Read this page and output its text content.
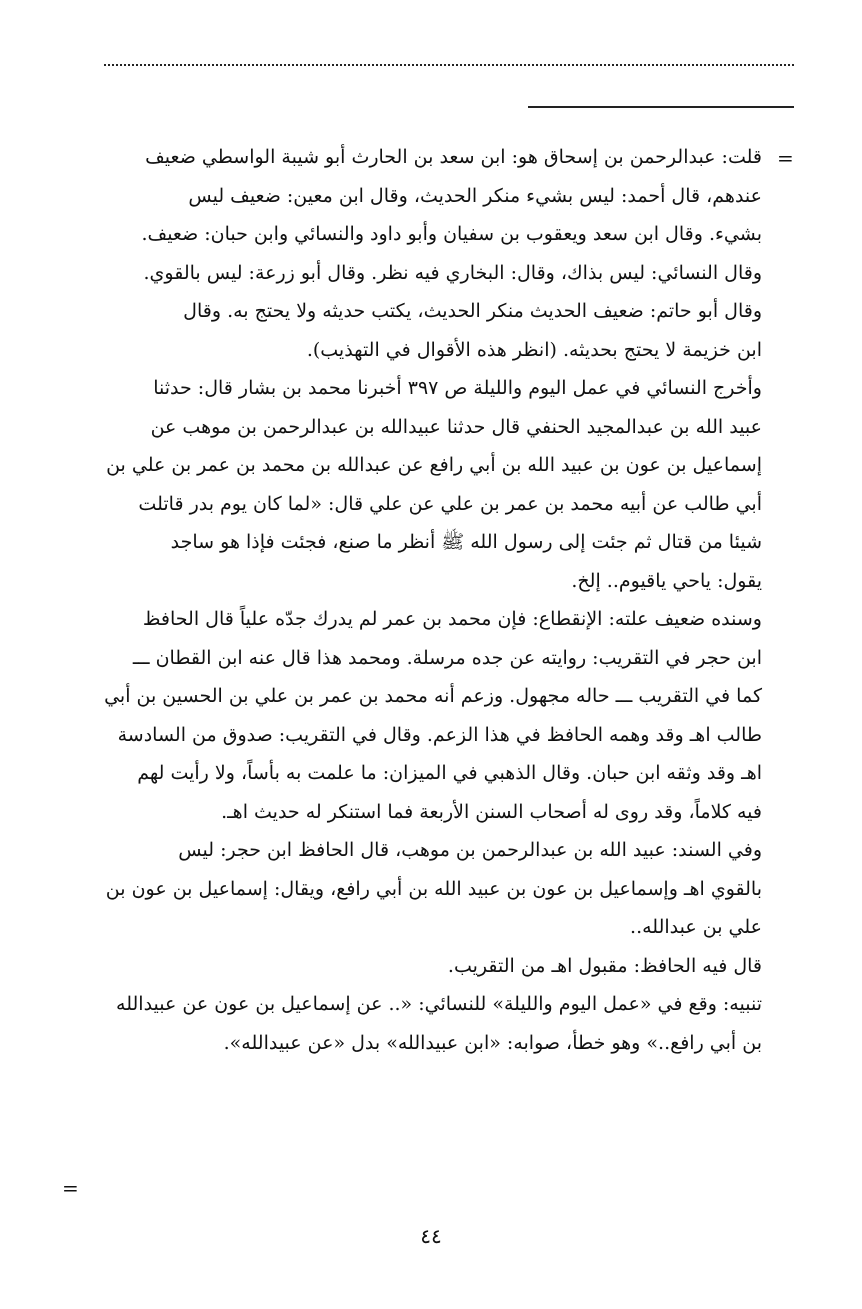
=
قلت: عبدالرحمن بن إسحاق هو: ابن سعد بن الحارث أبو شيبة الواسطي ضعيف
عندهم، قال أحمد: ليس بشيء منكر الحديث، وقال ابن معين: ضعيف ليس
بشيء. وقال ابن سعد ويعقوب بن سفيان وأبو داود والنسائي وابن حبان: ضعيف.
وقال النسائي: ليس بذاك، وقال: البخاري فيه نظر. وقال أبو زرعة: ليس بالقوي.
وقال أبو حاتم: ضعيف الحديث منكر الحديث، يكتب حديثه ولا يحتج به. وقال
ابن خزيمة لا يحتج بحديثه. (انظر هذه الأقوال في التهذيب).
وأخرج النسائي في عمل اليوم والليلة ص ٣٩٧ أخبرنا محمد بن بشار قال: حدثنا
عبيد الله بن عبدالمجيد الحنفي قال حدثنا عبيدالله بن عبدالرحمن بن موهب عن
إسماعيل بن عون بن عبيد الله بن أبي رافع عن عبدالله بن محمد بن عمر بن علي بن
أبي طالب عن أبيه محمد بن عمر بن علي عن علي قال: «لما كان يوم بدر قاتلت
شيئا من قتال ثم جئت إلى رسول الله ﷺ أنظر ما صنع، فجئت فإذا هو ساجد
يقول: ياحي ياقيوم.. إلخ.
وسنده ضعيف علته: الإنقطاع: فإن محمد بن عمر لم يدرك جدّه علياً قال الحافظ
ابن حجر في التقريب: روايته عن جده مرسلة. ومحمد هذا قال عنه ابن القطان ـــ
كما في التقريب ـــ حاله مجهول. وزعم أنه محمد بن عمر بن علي بن الحسين بن أبي
طالب اهـ وقد وهمه الحافظ في هذا الزعم. وقال في التقريب: صدوق من السادسة
اهـ وقد وثقه ابن حبان. وقال الذهبي في الميزان: ما علمت به بأساً، ولا رأيت لهم
فيه كلاماً، وقد روى له أصحاب السنن الأربعة فما استنكر له حديث اهـ.
وفي السند: عبيد الله بن عبدالرحمن بن موهب، قال الحافظ ابن حجر: ليس
بالقوي اهـ وإسماعيل بن عون بن عبيد الله بن أبي رافع، ويقال: إسماعيل بن عون بن
علي بن عبدالله..
قال فيه الحافظ: مقبول اهـ من التقريب.
تنبيه: وقع في «عمل اليوم والليلة» للنسائي: «.. عن إسماعيل بن عون عن عبيدالله
بن أبي رافع..» وهو خطأ، صوابه: «ابن عبيدالله» بدل «عن عبيدالله».
=
٤٤
